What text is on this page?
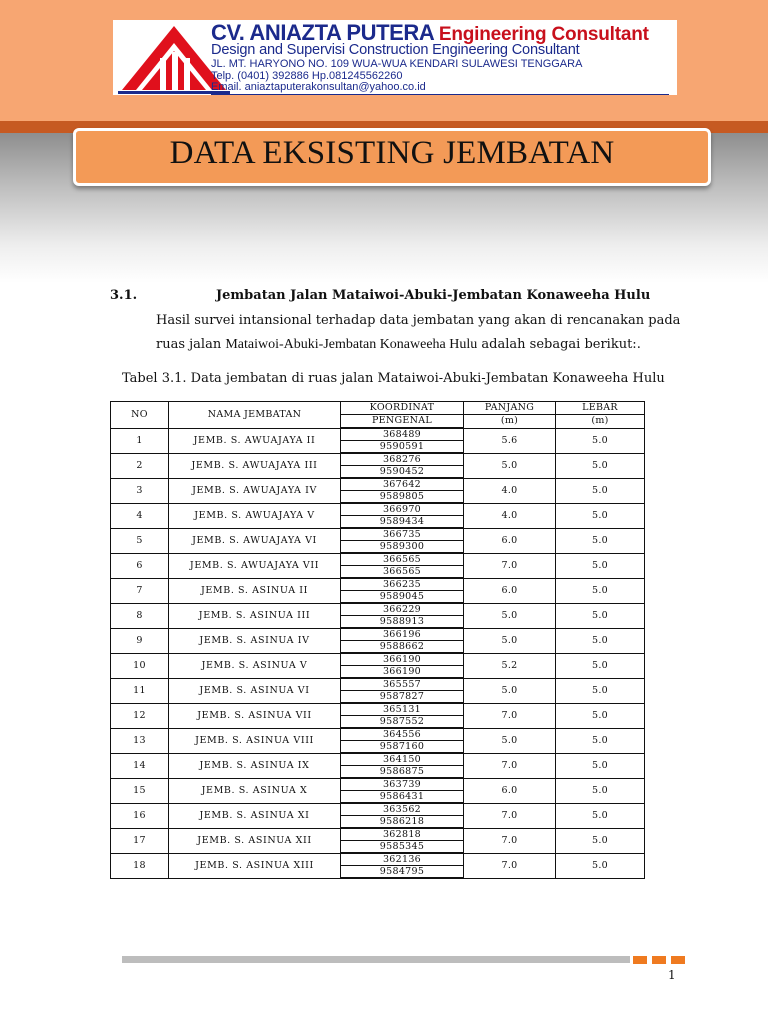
CV. ANIAZTA PUTERA Engineering Consultant
Design and Supervisi Construction Engineering Consultant
JL. MT. HARYONO NO. 109 WUA-WUA KENDARI SULAWESI TENGGARA
Telp. (0401) 392886 Hp.081245562260
Email. aniaztaputerakonsultan@yahoo.co.id
DATA EKSISTING JEMBATAN
3.1.	Jembatan Jalan Mataiwoi-Abuki-Jembatan Konaweeha Hulu
Hasil survei intansional terhadap data jembatan yang akan di rencanakan pada
ruas jalan Mataiwoi-Abuki-Jembatan Konaweeha Hulu adalah sebagai berikut:.
Tabel 3.1. Data jembatan di ruas jalan Mataiwoi-Abuki-Jembatan Konaweeha Hulu
NO	NAMA JEMBATAN	KOORDINAT	PANJANG	LEBAR
		PENGENAL	(m)	(m)
1	JEMB. S. AWUAJAYA II	368489	5.6	5.0
		9590591		
2	JEMB. S. AWUAJAYA III	368276	5.0	5.0
		9590452		
3	JEMB. S. AWUAJAYA IV	367642	4.0	5.0
		9589805		
4	JEMB. S. AWUAJAYA V	366970	4.0	5.0
		9589434		
5	JEMB. S. AWUAJAYA VI	366735	6.0	5.0
		9589300		
6	JEMB. S. AWUAJAYA VII	366565	7.0	5.0
		366565		
7	JEMB. S. ASINUA II	366235	6.0	5.0
		9589045		
8	JEMB. S. ASINUA III	366229	5.0	5.0
		9588913		
9	JEMB. S. ASINUA IV	366196	5.0	5.0
		9588662		
10	JEMB. S. ASINUA V	366190	5.2	5.0
		366190		
11	JEMB. S. ASINUA VI	365557	5.0	5.0
		9587827		
12	JEMB. S. ASINUA VII	365131	7.0	5.0
		9587552		
13	JEMB. S. ASINUA VIII	364556	5.0	5.0
		9587160		
14	JEMB. S. ASINUA IX	364150	7.0	5.0
		9586875		
15	JEMB. S. ASINUA X	363739	6.0	5.0
		9586431		
16	JEMB. S. ASINUA XI	363562	7.0	5.0
		9586218		
17	JEMB. S. ASINUA XII	362818	7.0	5.0
		9585345		
18	JEMB. S. ASINUA XIII	362136	7.0	5.0
		9584795		
1
